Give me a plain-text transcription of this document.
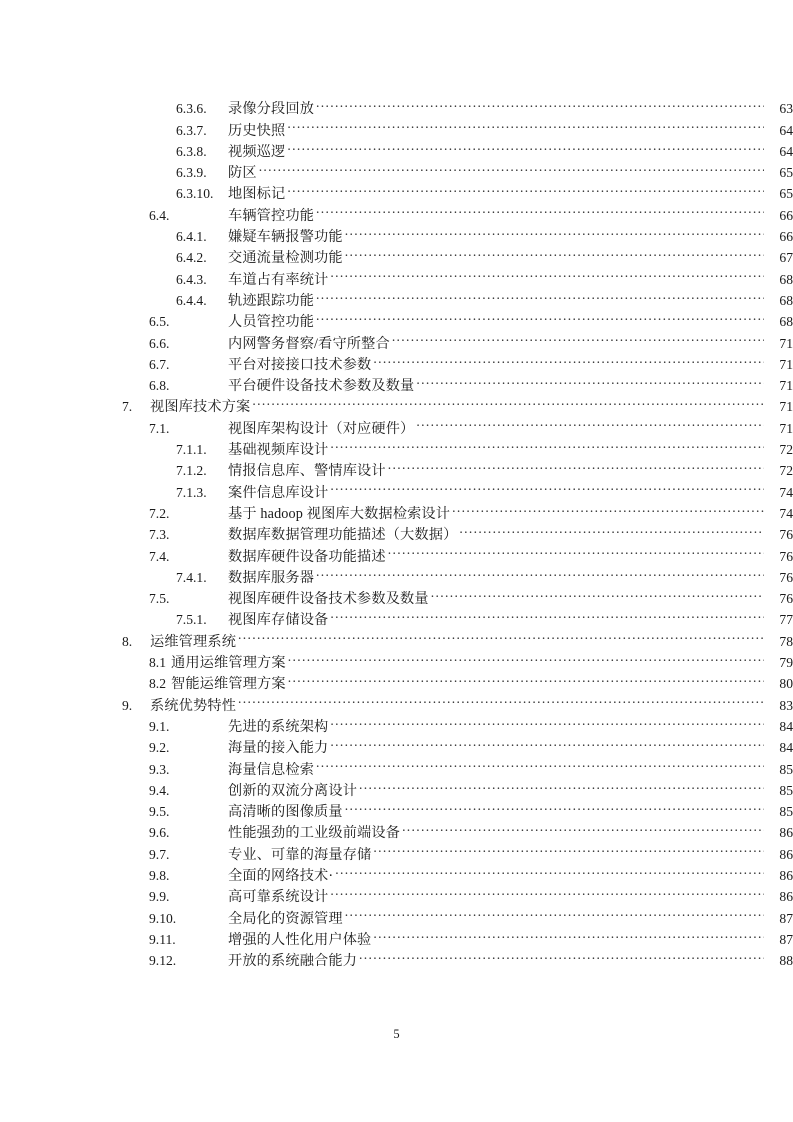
6.3.6.	录像分段回放 .....	63
6.3.7.	历史快照 .....	64
6.3.8.	视频巡逻 .....	64
6.3.9.	防区 .....	65
6.3.10.	地图标记 .....	65
6.4.	车辆管控功能 .....	66
6.4.1.	嫌疑车辆报警功能 .....	66
6.4.2.	交通流量检测功能 .....	67
6.4.3.	车道占有率统计 .....	68
6.4.4.	轨迹跟踪功能 .....	68
6.5.	人员管控功能 .....	68
6.6.	内网警务督察/看守所整合 .....	71
6.7.	平台对接接口技术参数 .....	71
6.8.	平台硬件设备技术参数及数量 .....	71
7.	视图库技术方案 .....	71
7.1.	视图库架构设计（对应硬件） .....	71
7.1.1.	基础视频库设计 .....	72
7.1.2.	情报信息库、警情库设计 .....	72
7.1.3.	案件信息库设计 .....	74
7.2.	基于 hadoop 视图库大数据检索设计 .....	74
7.3.	数据库数据管理功能描述（大数据） .....	76
7.4.	数据库硬件设备功能描述 .....	76
7.4.1.	数据库服务器 .....	76
7.5.	视图库硬件设备技术参数及数量 .....	76
7.5.1.	视图库存储设备 .....	77
8.	运维管理系统 .....	78
8.1 通用运维管理方案 .....	79
8.2 智能运维管理方案 .....	80
9.	系统优势特性 .....	83
9.1.	先进的系统架构 .....	84
9.2.	海量的接入能力 .....	84
9.3.	海量信息检索 .....	85
9.4.	创新的双流分离设计 .....	85
9.5.	高清晰的图像质量 .....	85
9.6.	性能强劲的工业级前端设备 .....	86
9.7.	专业、可靠的海量存储 .....	86
9.8.	全面的网络技术· .....	86
9.9.	高可靠系统设计 .....	86
9.10.	全局化的资源管理 .....	87
9.11.	增强的人性化用户体验 .....	87
9.12.	开放的系统融合能力 .....	88
5
